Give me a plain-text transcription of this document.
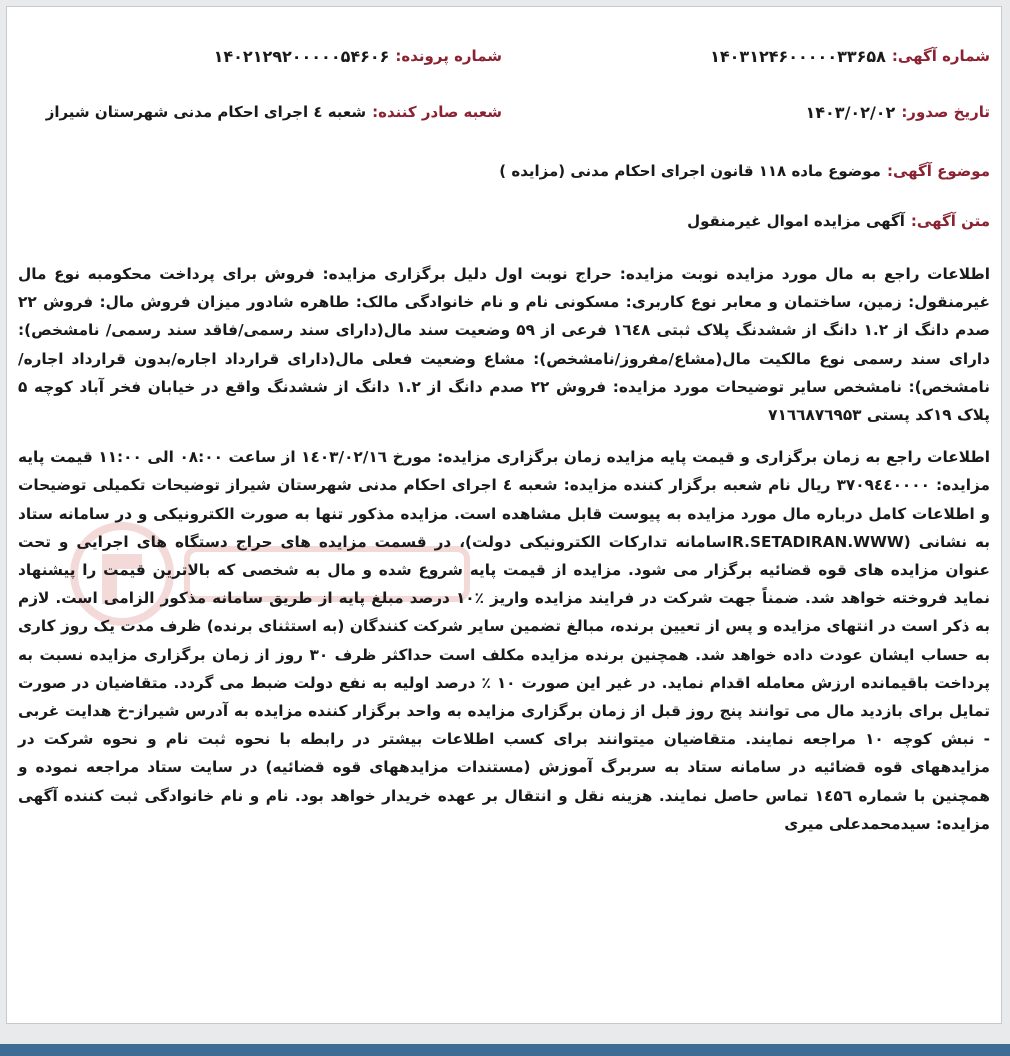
شماره آگهی:
۱۴۰۳۱۲۴۶۰۰۰۰۰۳۳۶۵۸
شماره پرونده:
۱۴۰۲۱۲۹۲۰۰۰۰۰۵۴۶۰۶
تاریخ صدور:
۱۴۰۳/۰۲/۰۲
شعبه صادر کننده:
شعبه ٤ اجرای احکام مدنی شهرستان شیراز
موضوع آگهی:
موضوع ماده ۱۱۸ قانون اجرای احکام مدنی (مزایده )
متن آگهی:
آگهی مزایده اموال غیرمنقول

اطلاعات راجع به مال مورد مزایده نوبت مزایده: حراج نوبت اول دلیل برگزاری مزایده: فروش برای پرداخت محکومبه نوع مال غیرمنقول: زمین، ساختمان و معابر نوع کاربری: مسکونی نام و نام خانوادگی مالک: طاهره شادور میزان فروش مال: فروش ۲۲ صدم دانگ از ۱.۲ دانگ از ششدنگ پلاک ثبتی ۱٦٤۸ فرعی از ۵۹ وضعیت سند مال(دارای سند رسمی/فاقد سند رسمی/ نامشخص): دارای سند رسمی نوع مالکیت مال(مشاع/مفروز/نامشخص): مشاع وضعیت فعلی مال(دارای قرارداد اجاره/بدون قرارداد اجاره/نامشخص): نامشخص سایر توضیحات مورد مزایده: فروش ۲۲ صدم دانگ از ۱.۲ دانگ از ششدنگ واقع در خیابان فخر آباد کوچه ۵ پلاک ۱۹کد پستی ۷۱٦٦۸۷٦۹۵۳

اطلاعات راجع به زمان برگزاری و قیمت پایه مزایده زمان برگزاری مزایده: مورخ ۱٤۰۳/۰۲/۱٦ از ساعت ۰۸:۰۰ الی ۱۱:۰۰ قیمت پایه مزایده: ۳۷۰۹٤٤۰۰۰۰ ریال نام شعبه برگزار کننده مزایده: شعبه ٤ اجرای احکام مدنی شهرستان شیراز توضیحات تکمیلی توضیحات و اطلاعات کامل درباره مال مورد مزایده به پیوست قابل مشاهده است. مزایده مذکور تنها به صورت الکترونیکی و در سامانه ستاد به نشانی (IR.SETADIRAN.WWWسامانه تدارکات الکترونیکی دولت)، در قسمت مزایده های حراج دستگاه های اجرایی و تحت عنوان مزایده های قوه قضائیه برگزار می شود. مزایده از قیمت پایه شروع شده و مال به شخصی که بالاترین قیمت را پیشنهاد نماید فروخته خواهد شد. ضمناً جهت شرکت در فرایند مزایده واریز ٪۱۰ درصد مبلغ پایه از طریق سامانه مذکور الزامی است. لازم به ذکر است در انتهای مزایده و پس از تعیین برنده، مبالغ تضمین سایر شرکت کنندگان (به استثنای برنده) ظرف مدت یک روز کاری به حساب ایشان عودت داده خواهد شد. همچنین برنده مزایده مکلف است حداکثر ظرف ۳۰ روز از زمان برگزاری مزایده نسبت به پرداخت باقیمانده ارزش معامله اقدام نماید. در غیر این صورت ۱۰ ٪ درصد اولیه به نفع دولت ضبط می گردد. متقاضیان در صورت تمایل برای بازدید مال می توانند پنج روز قبل از زمان برگزاری مزایده به واحد برگزار کننده مزایده به آدرس شیراز-خ هدایت غربی - نبش کوچه ۱۰ مراجعه نمایند. متقاضیان میتوانند برای کسب اطلاعات بیشتر در رابطه با نحوه ثبت نام و نحوه شرکت در مزایدههای قوه قضائیه در سامانه ستاد به سربرگ آموزش (مستندات مزایدههای قوه قضائیه) در سایت ستاد مراجعه نموده و همچنین با شماره ۱٤۵٦ تماس حاصل نمایند. هزینه نقل و انتقال بر عهده خریدار خواهد بود. نام و نام خانوادگی ثبت کننده آگهی مزایده: سیدمحمدعلی میری
